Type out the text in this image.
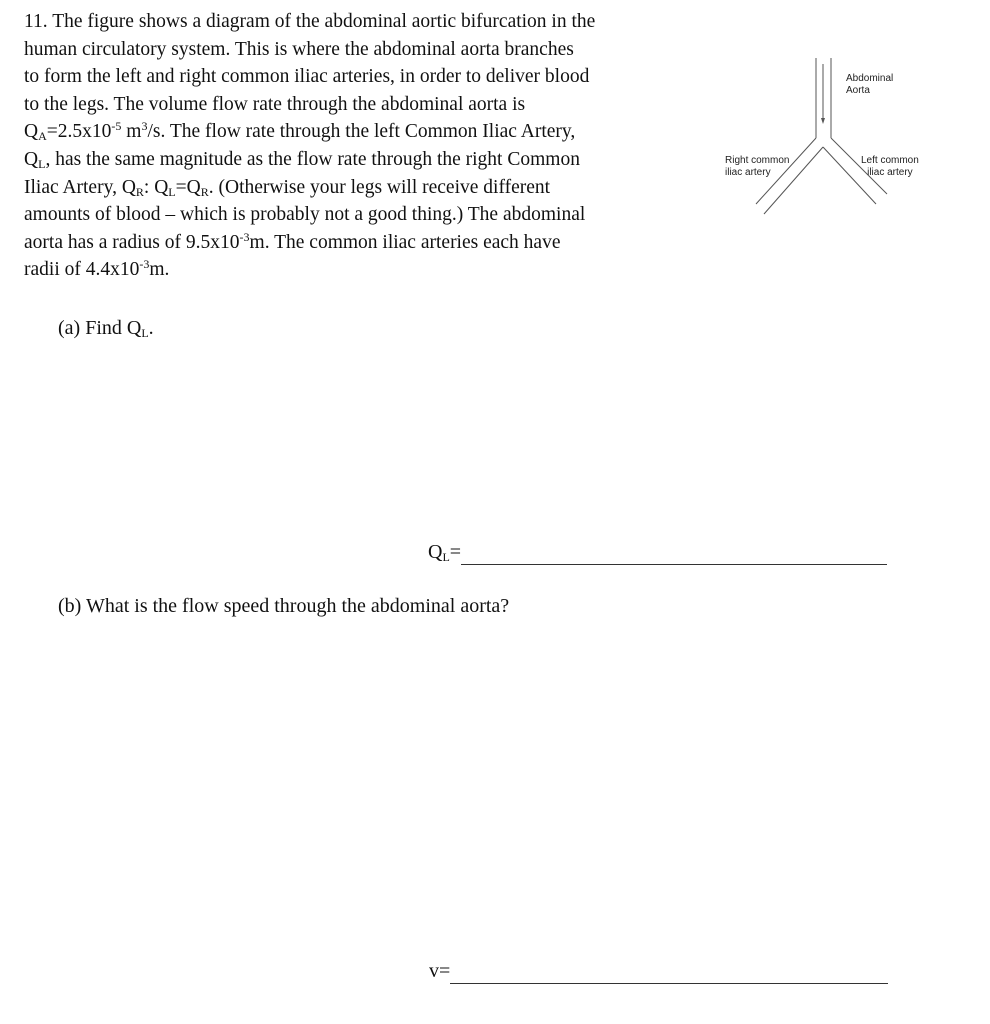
11. The figure shows a diagram of the abdominal aortic bifurcation in the
human circulatory system. This is where the abdominal aorta branches
to form the left and right common iliac arteries, in order to deliver blood
to the legs. The volume flow rate through the abdominal aorta is
$Q_A=2.5x10^{-5}$ $m^3/s$. The flow rate through the left Common Iliac Artery,
$Q_L$, has the same magnitude as the flow rate through the right Common
Iliac Artery, $Q_R$: $Q_L=Q_R$. (Otherwise your legs will receive different
amounts of blood – which is probably not a good thing.) The abdominal
aorta has a radius of $9.5x10^{-3}m$. The common iliac arteries each have
radii of $4.4x10^{-3}m$.
Abdominal
Aorta
Right common
iliac artery
Left common
iliac artery
(a) Find $Q_L$.
$Q_L=$
(b) What is the flow speed through the abdominal aorta?
v=
